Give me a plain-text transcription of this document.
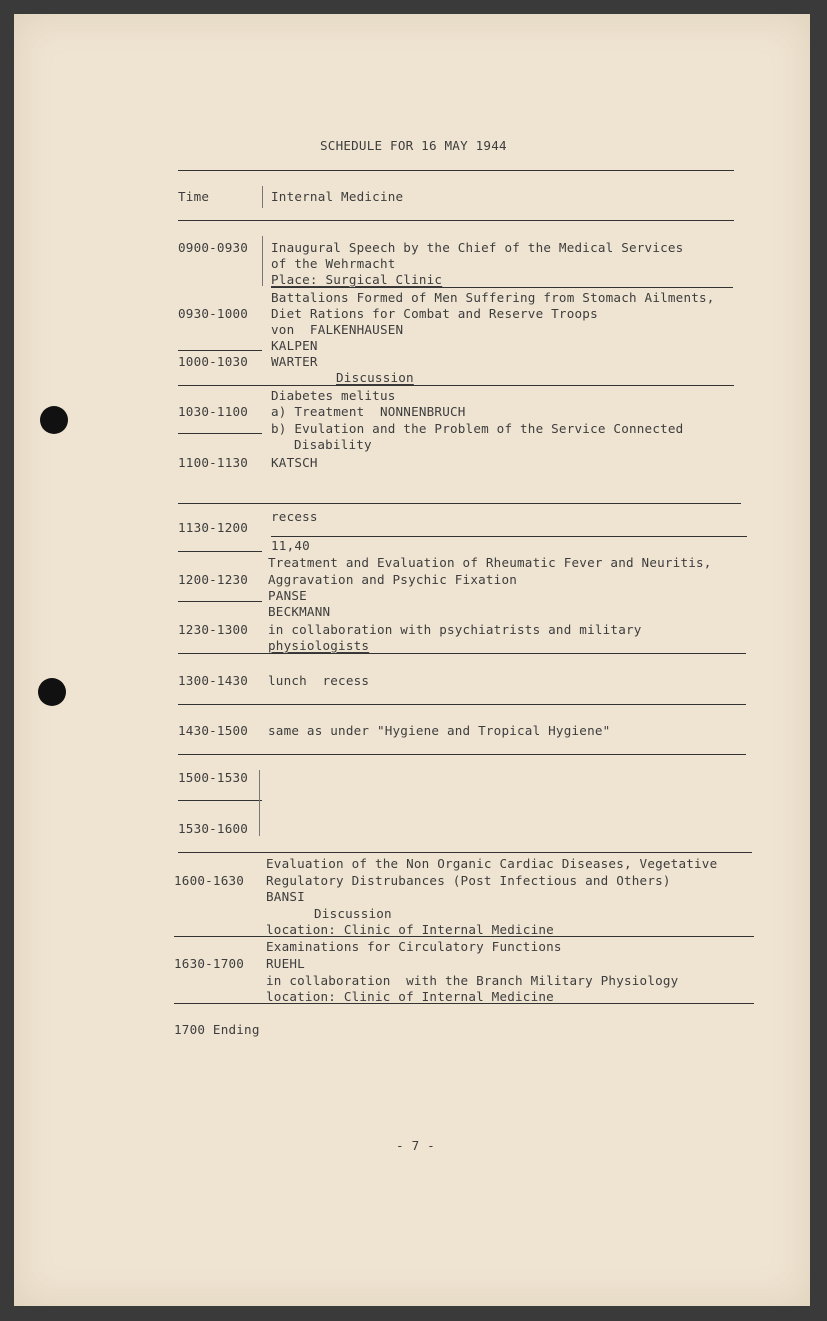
SCHEDULE FOR 16 MAY 1944

Time	Internal Medicine

0900-0930 Inaugural Speech by the Chief of the Medical Services

of the Wehrmacht

Place: Surgical Clinic

Battalions Formed of Men Suffering from Stomach Ailments,

0930-1000 Diet Rations for Combat and Reserve Troops

von  FALKENHAUSEN

KALPEN

1000-1030 WARTER

Discussion

Diabetes melitus

1030-1100 a) Treatment  NONNENBRUCH

b) Evulation and the Problem of the Service Connected

Disability

1100-1130 KATSCH

recess

1130-1200

11,40

Treatment and Evaluation of Rheumatic Fever and Neuritis,

1200-1230 Aggravation and Psychic Fixation

PANSE

BECKMANN

1230-1300 in collaboration with psychiatrists and military

physiologists

1300-1430 lunch  recess

1430-1500 same as under "Hygiene and Tropical Hygiene"

1500-1530

1530-1600

Evaluation of the Non Organic Cardiac Diseases, Vegetative

1600-1630 Regulatory Distrubances (Post Infectious and Others)

BANSI

Discussion

location: Clinic of Internal Medicine

Examinations for Circulatory Functions

1630-1700 RUEHL

in collaboration  with the Branch Military Physiology

location: Clinic of Internal Medicine

1700 Ending

- 7 -
